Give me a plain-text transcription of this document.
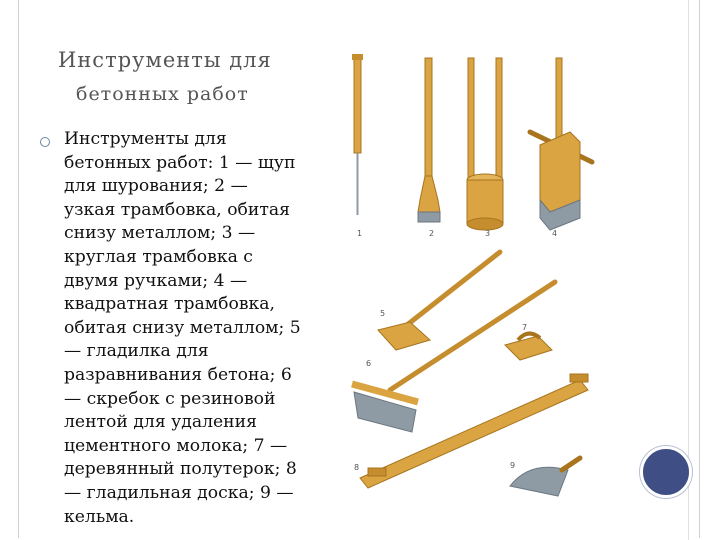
Инструменты для
бетонных работ
Инструменты для
бетонных работ: 1 — щуп
для шурования; 2 —
узкая трамбовка, обитая
снизу металлом; 3 —
круглая трамбовка с
двумя ручками; 4 —
квадратная трамбовка,
обитая снизу металлом; 5
— гладилка для
разравнивания бетона; 6
— скребок с резиновой
лентой для удаления
цементного молока; 7 —
деревянный полутерок; 8
— гладильная доска; 9 —
кельма.
1	2	3	4
5
6
7
8	9
